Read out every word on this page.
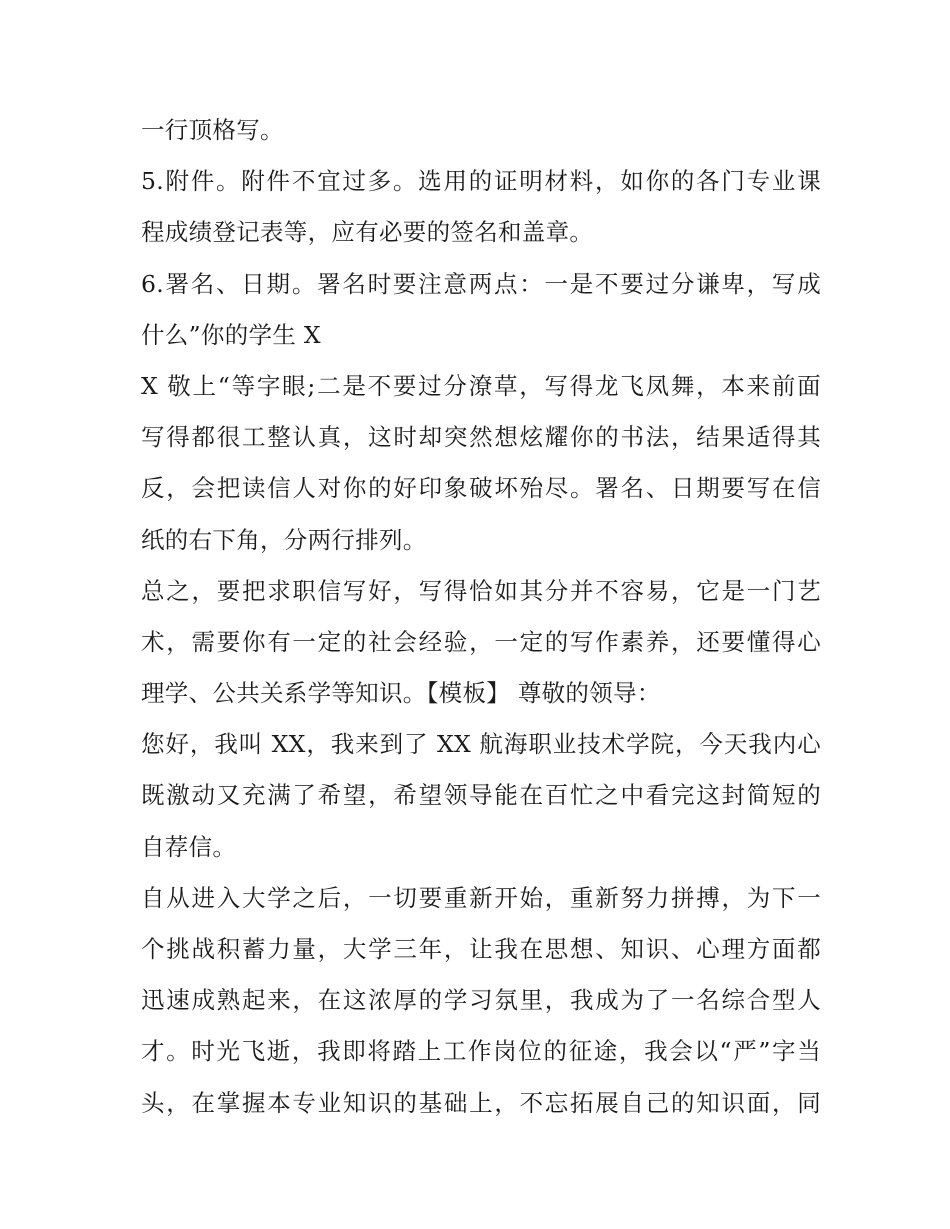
一行顶格写。
5.附件。附件不宜过多。选用的证明材料，如你的各门专业课
程成绩登记表等，应有必要的签名和盖章。
6.署名、日期。署名时要注意两点：一是不要过分谦卑，写成
什么”你的学生 X
X 敬上“等字眼;二是不要过分潦草，写得龙飞凤舞，本来前面
写得都很工整认真，这时却突然想炫耀你的书法，结果适得其
反，会把读信人对你的好印象破坏殆尽。署名、日期要写在信
纸的右下角，分两行排列。
总之，要把求职信写好，写得恰如其分并不容易，它是一门艺
术，需要你有一定的社会经验，一定的写作素养，还要懂得心
理学、公共关系学等知识。【模板】 尊敬的领导：
您好，我叫 XX，我来到了 XX 航海职业技术学院，今天我内心
既激动又充满了希望，希望领导能在百忙之中看完这封简短的
自荐信。
自从进入大学之后，一切要重新开始，重新努力拼搏，为下一
个挑战积蓄力量，大学三年，让我在思想、知识、心理方面都
迅速成熟起来，在这浓厚的学习氛里，我成为了一名综合型人
才。时光飞逝，我即将踏上工作岗位的征途，我会以“严”字当
头，在掌握本专业知识的基础上，不忘拓展自己的知识面，同
